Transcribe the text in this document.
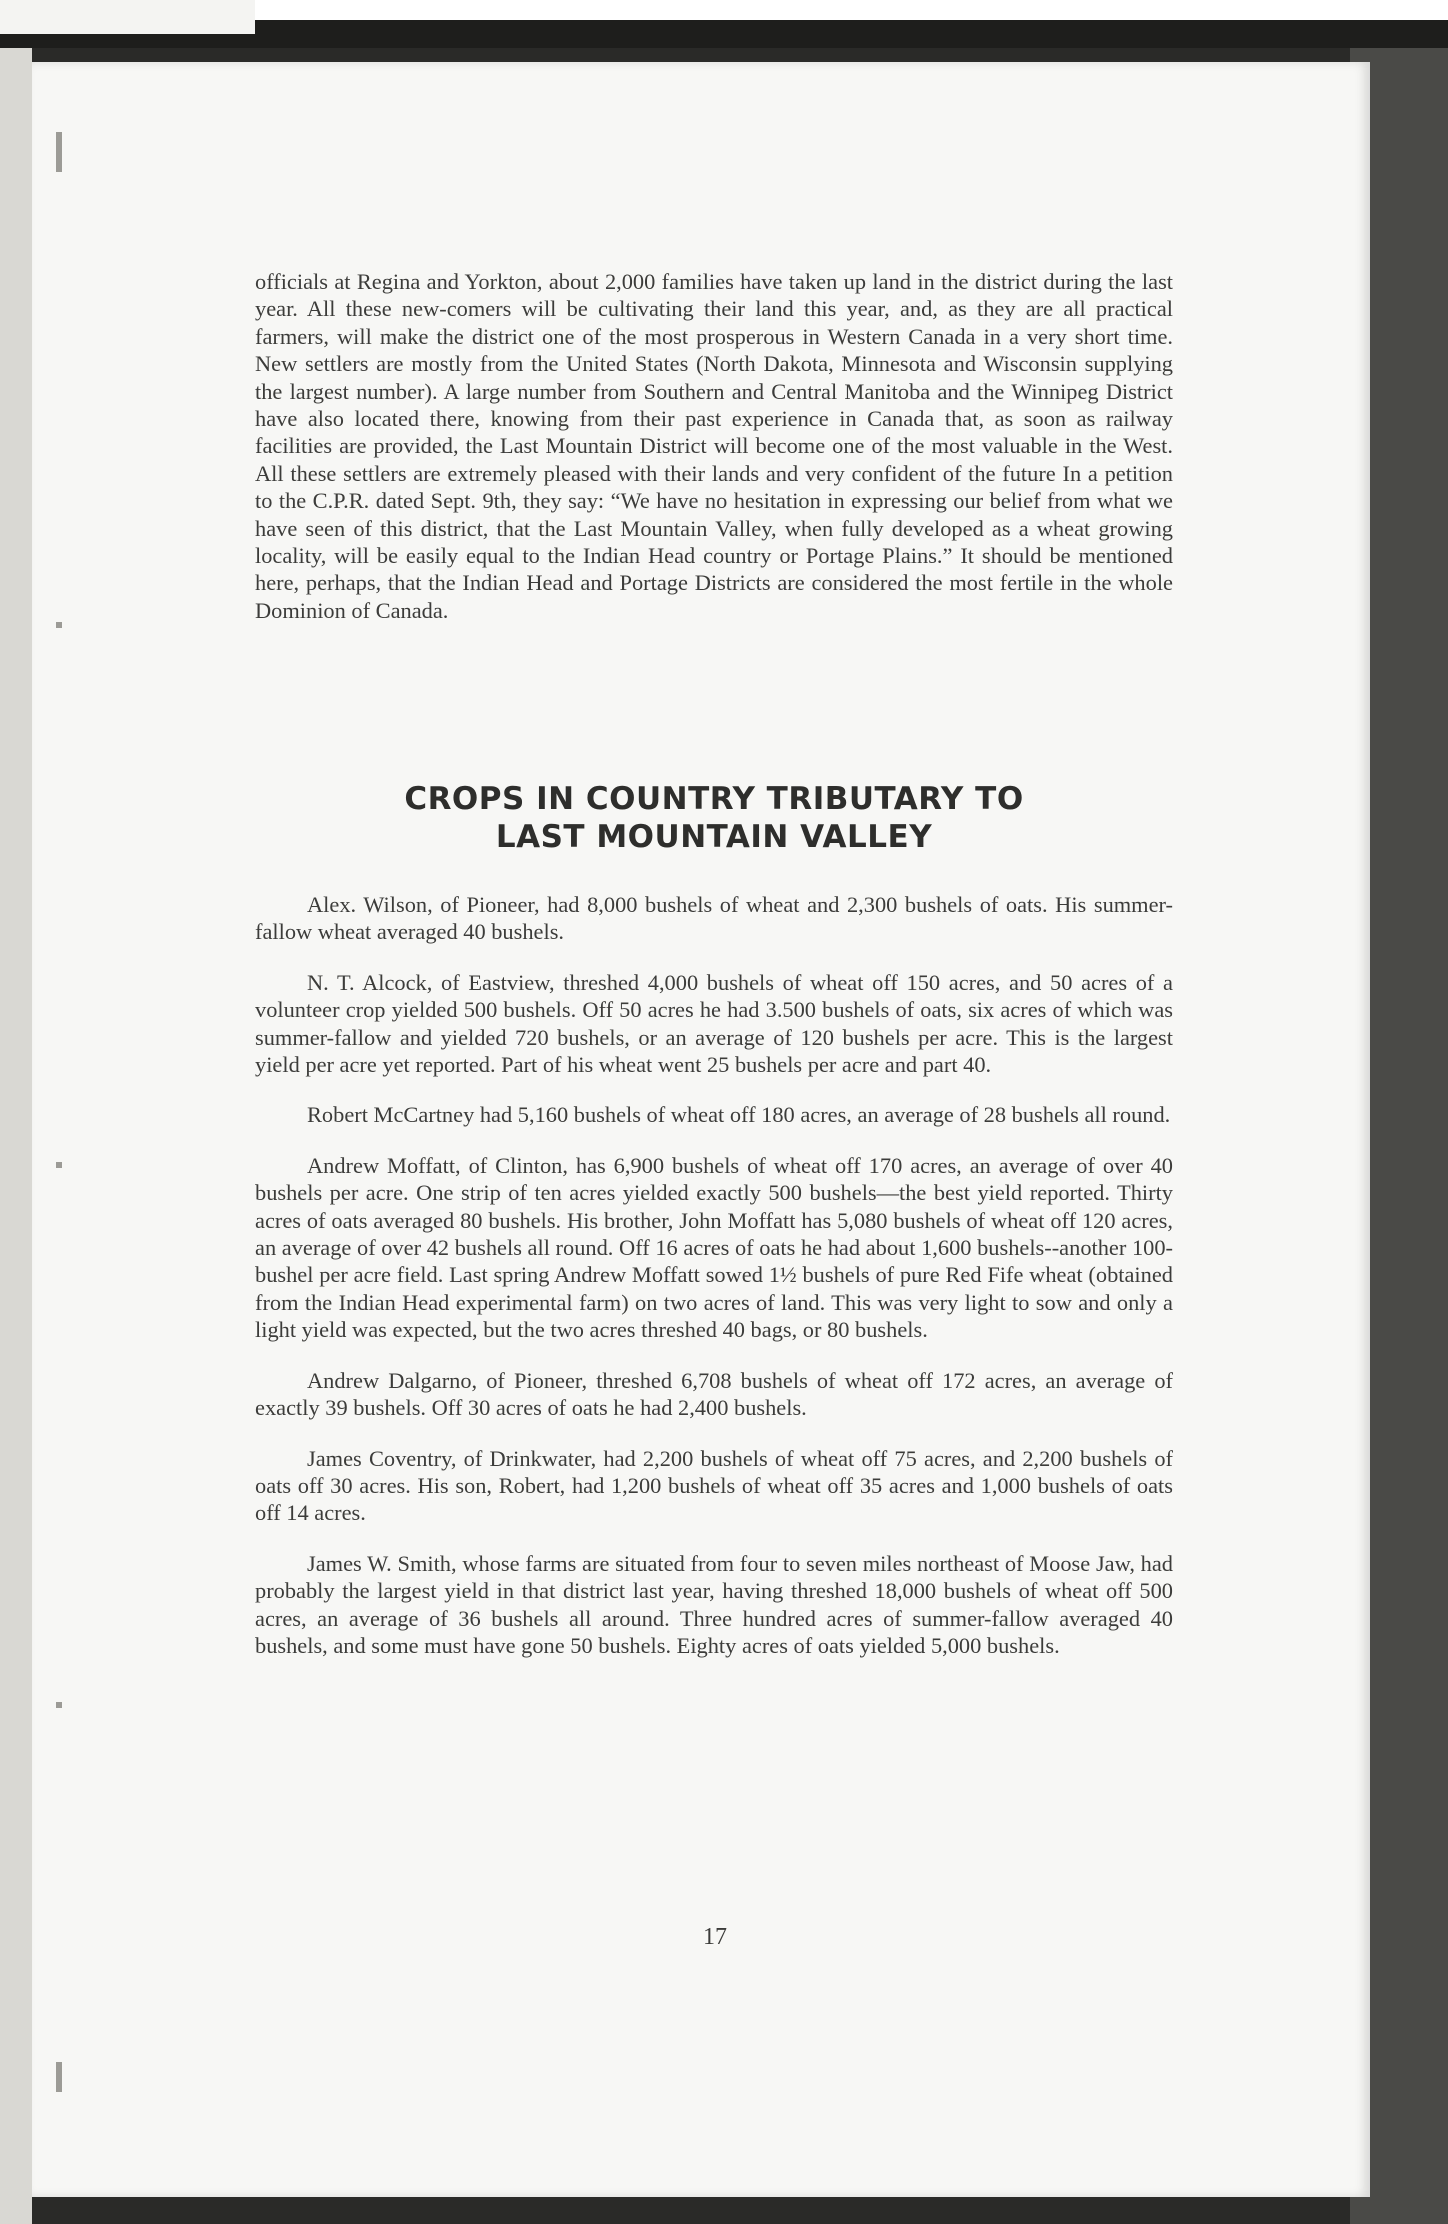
officials at Regina and Yorkton, about 2,000 families have taken up land in the district during the last year. All these new-comers will be cultivating their land this year, and, as they are all practical farmers, will make the district one of the most prosperous in Western Canada in a very short time. New settlers are mostly from the United States (North Dakota, Minnesota and Wisconsin supplying the largest number). A large number from Southern and Central Manitoba and the Winnipeg District have also located there, knowing from their past experience in Canada that, as soon as railway facilities are provided, the Last Mountain District will become one of the most valuable in the West. All these settlers are extremely pleased with their lands and very confident of the future In a petition to the C.P.R. dated Sept. 9th, they say: “We have no hesitation in expressing our belief from what we have seen of this district, that the Last Mountain Valley, when fully developed as a wheat growing locality, will be easily equal to the Indian Head country or Portage Plains.” It should be mentioned here, perhaps, that the Indian Head and Portage Districts are considered the most fertile in the whole Dominion of Canada.

CROPS IN COUNTRY TRIBUTARY TO
LAST MOUNTAIN VALLEY

Alex. Wilson, of Pioneer, had 8,000 bushels of wheat and 2,300 bushels of oats. His summer-fallow wheat averaged 40 bushels.

N. T. Alcock, of Eastview, threshed 4,000 bushels of wheat off 150 acres, and 50 acres of a volunteer crop yielded 500 bushels. Off 50 acres he had 3.500 bushels of oats, six acres of which was summer-fallow and yielded 720 bushels, or an average of 120 bushels per acre. This is the largest yield per acre yet reported. Part of his wheat went 25 bushels per acre and part 40.

Robert McCartney had 5,160 bushels of wheat off 180 acres, an average of 28 bushels all round.

Andrew Moffatt, of Clinton, has 6,900 bushels of wheat off 170 acres, an average of over 40 bushels per acre. One strip of ten acres yielded exactly 500 bushels—the best yield reported. Thirty acres of oats averaged 80 bushels. His brother, John Moffatt has 5,080 bushels of wheat off 120 acres, an average of over 42 bushels all round. Off 16 acres of oats he had about 1,600 bushels--another 100-bushel per acre field. Last spring Andrew Moffatt sowed 1½ bushels of pure Red Fife wheat (obtained from the Indian Head experimental farm) on two acres of land. This was very light to sow and only a light yield was expected, but the two acres threshed 40 bags, or 80 bushels.

Andrew Dalgarno, of Pioneer, threshed 6,708 bushels of wheat off 172 acres, an average of exactly 39 bushels. Off 30 acres of oats he had 2,400 bushels.

James Coventry, of Drinkwater, had 2,200 bushels of wheat off 75 acres, and 2,200 bushels of oats off 30 acres. His son, Robert, had 1,200 bushels of wheat off 35 acres and 1,000 bushels of oats off 14 acres.

James W. Smith, whose farms are situated from four to seven miles northeast of Moose Jaw, had probably the largest yield in that district last year, having threshed 18,000 bushels of wheat off 500 acres, an average of 36 bushels all around. Three hundred acres of summer-fallow averaged 40 bushels, and some must have gone 50 bushels. Eighty acres of oats yielded 5,000 bushels.

17
